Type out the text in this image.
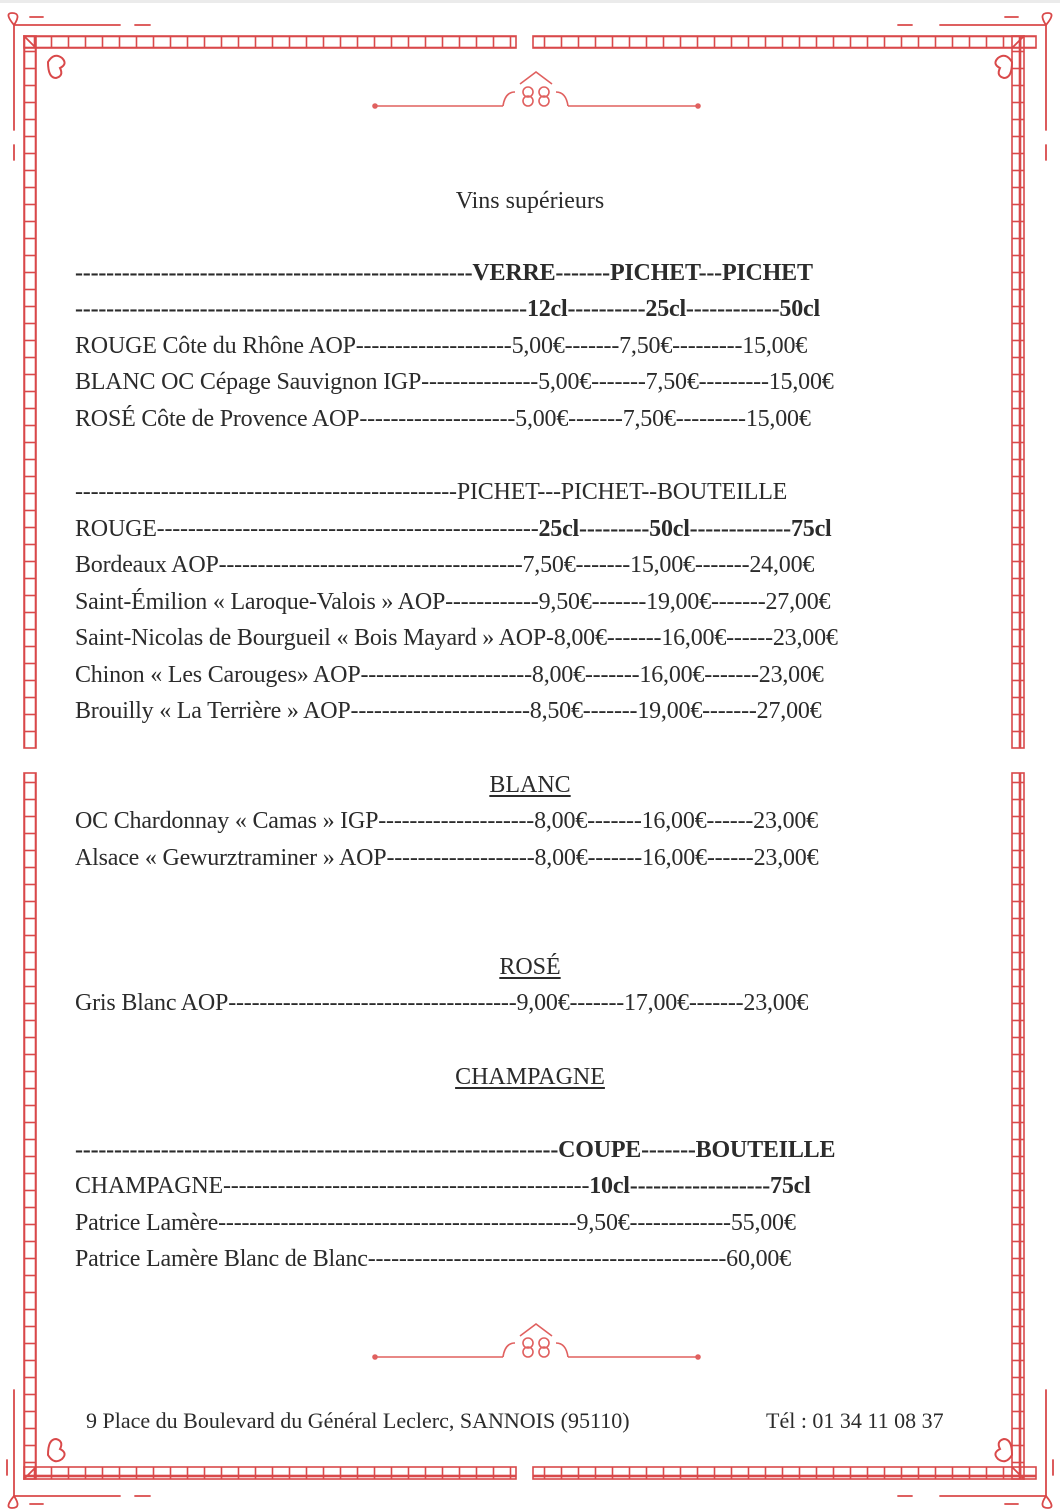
Vins supérieurs
---------------------------------------------------VERRE-------PICHET---PICHET
----------------------------------------------------------12cl----------25cl------------50cl
ROUGE Côte du Rhône AOP--------------------5,00€-------7,50€---------15,00€
BLANC OC Cépage Sauvignon IGP---------------5,00€-------7,50€---------15,00€
ROSÉ Côte de Provence AOP--------------------5,00€-------7,50€---------15,00€
-------------------------------------------------PICHET---PICHET--BOUTEILLE
ROUGE-------------------------------------------------25cl---------50cl-------------75cl
Bordeaux AOP---------------------------------------7,50€-------15,00€-------24,00€
Saint-Émilion « Laroque-Valois » AOP------------9,50€-------19,00€-------27,00€
Saint-Nicolas de Bourgueil « Bois Mayard » AOP-8,00€-------16,00€------23,00€
Chinon « Les Carouges» AOP----------------------8,00€-------16,00€-------23,00€
Brouilly « La Terrière » AOP-----------------------8,50€-------19,00€-------27,00€
BLANC
OC Chardonnay « Camas » IGP--------------------8,00€-------16,00€------23,00€
Alsace « Gewurztraminer » AOP-------------------8,00€-------16,00€------23,00€
ROSÉ
Gris Blanc AOP-------------------------------------9,00€-------17,00€-------23,00€
CHAMPAGNE
--------------------------------------------------------------COUPE-------BOUTEILLE
CHAMPAGNE-----------------------------------------------10cl------------------75cl
Patrice Lamère----------------------------------------------9,50€-------------55,00€
Patrice Lamère Blanc de Blanc----------------------------------------------60,00€
9 Place du Boulevard du Général Leclerc, SANNOIS (95110)	Tél : 01 34 11 08 37
